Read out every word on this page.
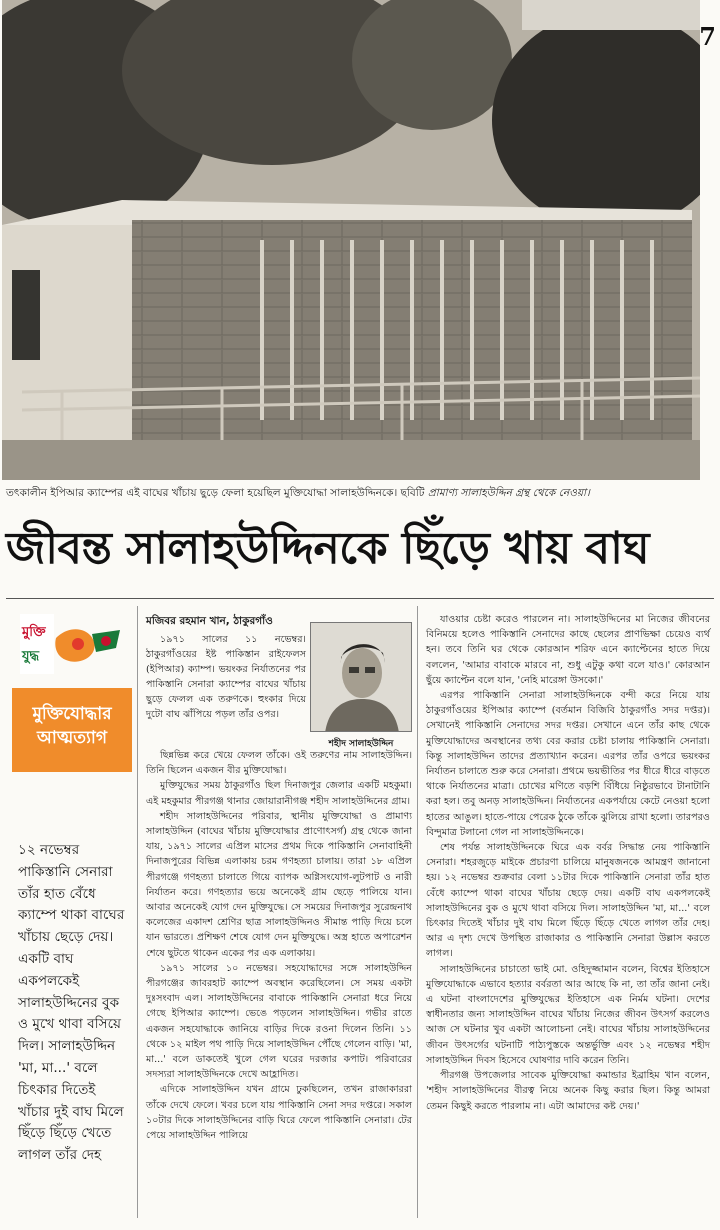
7
তৎকালীন ইপিআর ক্যাম্পের এই বাঘের খাঁচায় ছুড়ে ফেলা হয়েছিল মুক্তিযোদ্ধা সালাহউদ্দিনকে। ছবিটি প্রামাণ্য সালাহউদ্দিন গ্রন্থ থেকে নেওয়া।
জীবন্ত সালাহউদ্দিনকে ছিঁড়ে খায় বাঘ
মুক্তি
যুদ্ধ
মুক্তিযোদ্ধার
আত্মত্যাগ

১২ নভেম্বর পাকিস্তানি সেনারা তাঁর হাত বেঁধে ক্যাম্পে থাকা বাঘের খাঁচায় ছেড়ে দেয়। একটি বাঘ একপলকেই সালাহউদ্দিনের বুক ও মুখে থাবা বসিয়ে দিল। সালাহউদ্দিন 'মা, মা...' বলে চিৎকার দিতেই খাঁচার দুই বাঘ মিলে ছিঁড়ে ছিঁড়ে খেতে লাগল তাঁর দেহ

মজিবর রহমান খান, ঠাকুরগাঁও
শহীদ সালাহউদ্দিন

১৯৭১ সালের ১১ নভেম্বর। ঠাকুরগাঁওয়ের ইষ্ট পাকিস্তান রাইফেলস (ইপিআর) ক্যাম্প। ভয়ংকর নির্যাতনের পর পাকিস্তানি সেনারা ক্যাম্পের বাঘের খাঁচায় ছুড়ে ফেলল এক তরুণকে। হুংকার দিয়ে দুটো বাঘ ঝাঁপিয়ে পড়ল তাঁর ওপর।

ছিন্নভিন্ন করে খেয়ে ফেলল তাঁকে। ওই তরুণের নাম সালাহউদ্দিন। তিনি ছিলেন একজন বীর মুক্তিযোদ্ধা।

মুক্তিযুদ্ধের সময় ঠাকুরগাঁও ছিল দিনাজপুর জেলার একটি মহকুমা। এই মহকুমার পীরগঞ্জ থানার জোয়ারানীগঞ্জ শহীদ সালাহউদ্দিনের গ্রাম।

শহীদ সালাহউদ্দিনের পরিবার, স্থানীয় মুক্তিযোদ্ধা ও প্রামাণ্য সালাহউদ্দিন (বাঘের খাঁচায় মুক্তিযোদ্ধার প্রাণোৎসর্গ) গ্রন্থ থেকে জানা যায়, ১৯৭১ সালের এপ্রিল মাসের প্রথম দিকে পাকিস্তানি সেনাবাহিনী দিনাজপুরের বিভিন্ন এলাকায় চরম গণহত্যা চালায়। তারা ১৮ এপ্রিল পীরগঞ্জে গণহত্যা চালাতে গিয়ে ব্যাপক অগ্নিসংযোগ-লুটপাট ও নারী নির্যাতন করে। গণহত্যার ভয়ে অনেকেই গ্রাম ছেড়ে পালিয়ে যান। আবার অনেকেই যোগ দেন মুক্তিযুদ্ধে। সে সময়ের দিনাজপুর সুরেন্দ্রনাথ কলেজের একাদশ শ্রেণির ছাত্র সালাহউদ্দিনও সীমান্ত পাড়ি দিয়ে চলে যান ভারতে। প্রশিক্ষণ শেষে যোগ দেন মুক্তিযুদ্ধে। অস্ত্র হাতে অপারেশন শেষে ছুটতে থাকেন একের পর এক এলাকায়।

১৯৭১ সালের ১০ নভেম্বর। সহযোদ্ধাদের সঙ্গে সালাহউদ্দিন পীরগঞ্জের জাবরহাট ক্যাম্পে অবস্থান করেছিলেন। সে সময় একটা দুঃসংবাদ এল। সালাহউদ্দিনের বাবাকে পাকিস্তানি সেনারা ধরে নিয়ে গেছে ইপিআর ক্যাম্পে। ভেঙে পড়লেন সালাহউদ্দিন। গভীর রাতে একজন সহযোদ্ধাকে জানিয়ে বাড়ির দিকে রওনা দিলেন তিনি। ১১ থেকে ১২ মাইল পথ পাড়ি দিয়ে সালাহউদ্দিন পৌঁছে গেলেন বাড়ি। 'মা, মা...' বলে ডাকতেই খুলে গেল ঘরের দরজার কপাট। পরিবারের সদস্যরা সালাহউদ্দিনকে দেখে আহ্লাদিত।

এদিকে সালাহউদ্দিন যখন গ্রামে ঢুকছিলেন, তখন রাজাকাররা তাঁকে দেখে ফেলে। খবর চলে যায় পাকিস্তানি সেনা সদর দপ্তরে। সকাল ১০টার দিকে সালাহউদ্দিনের বাড়ি ঘিরে ফেলে পাকিস্তানি সেনারা। টের পেয়ে সালাহউদ্দিন পালিয়ে

যাওয়ার চেষ্টা করেও পারলেন না। সালাহউদ্দিনের মা নিজের জীবনের বিনিময়ে হলেও পাকিস্তানি সেনাদের কাছে ছেলের প্রাণভিক্ষা চেয়েও ব্যর্থ হন। তবে তিনি ঘর থেকে কোরআন শরিফ এনে ক্যাপ্টেনের হাতে দিয়ে বললেন, 'আমার বাবাকে মারবে না, শুধু এটুকু কথা বলে যাও।' কোরআন ছুঁয়ে ক্যাপ্টেন বলে যান, 'নেহি মারেঙ্গা উসকো।'

এরপর পাকিস্তানি সেনারা সালাহউদ্দিনকে বন্দী করে নিয়ে যায় ঠাকুরগাঁওয়ের ইপিআর ক্যাম্পে (বর্তমান বিজিবি ঠাকুরগাঁও সদর দপ্তর)। সেখানেই পাকিস্তানি সেনাদের সদর দপ্তর। সেখানে এনে তাঁর কাছ থেকে মুক্তিযোদ্ধাদের অবস্থানের তথ্য বের করার চেষ্টা চালায় পাকিস্তানি সেনারা। কিন্তু সালাহউদ্দিন তাদের প্রত্যাখ্যান করেন। এরপর তাঁর ওপরে ভয়ংকর নির্যাতন চালাতে শুরু করে সেনারা। প্রথমে ভয়ভীতির পর ধীরে ধীরে বাড়তে থাকে নির্যাতনের মাত্রা। চোখের মণিতে বড়শি বিঁধিয়ে নিষ্ঠুরভাবে টানাটানি করা হল। তবু অনড় সালাহউদ্দিন। নির্যাতনের একপর্যায়ে কেটে নেওয়া হলো হাতের আঙুল। হাতে-পায়ে পেরেক ঠুকে তাঁকে ঝুলিয়ে রাখা হলো। তারপরও বিন্দুমাত্র টলানো গেল না সালাহউদ্দিনকে।

শেষ পর্যন্ত সালাহউদ্দিনকে ঘিরে এক বর্বর সিদ্ধান্ত নেয় পাকিস্তানি সেনারা। শহরজুড়ে মাইকে প্রচারণা চালিয়ে মানুষজনকে আমন্ত্রণ জানানো হয়। ১২ নভেম্বর শুক্রবার বেলা ১১টার দিকে পাকিস্তানি সেনারা তাঁর হাত বেঁধে ক্যাম্পে থাকা বাঘের খাঁচায় ছেড়ে দেয়। একটি বাঘ একপলকেই সালাহউদ্দিনের বুক ও মুখে থাবা বসিয়ে দিল। সালাহউদ্দিন 'মা, মা...' বলে চিৎকার দিতেই খাঁচার দুই বাঘ মিলে ছিঁড়ে ছিঁড়ে খেতে লাগল তাঁর দেহ। আর এ দৃশ্য দেখে উপস্থিত রাজাকার ও পাকিস্তানি সেনারা উল্লাস করতে লাগল।

সালাহউদ্দিনের চাচাতো ভাই মো. ওহিদুজ্জামান বলেন, বিশ্বের ইতিহাসে মুক্তিযোদ্ধাকে এভাবে হত্যার বর্বরতা আর আছে কি না, তা তাঁর জানা নেই। এ ঘটনা বাংলাদেশের মুক্তিযুদ্ধের ইতিহাসে এক নির্মম ঘটনা। দেশের স্বাধীনতার জন্য সালাহউদ্দিন বাঘের খাঁচায় নিজের জীবন উৎসর্গ করলেও আজ সে ঘটনার খুব একটা আলোচনা নেই। বাঘের খাঁচায় সালাহউদ্দিনের জীবন উৎসর্গের ঘটনাটি পাঠ্যপুস্তকে অন্তর্ভুক্তি এবং ১২ নভেম্বর শহীদ সালাহউদ্দিন দিবস হিসেবে ঘোষণার দাবি করেন তিনি।

পীরগঞ্জ উপজেলার সাবেক মুক্তিযোদ্ধা কমান্ডার ইব্রাহিম খান বলেন, 'শহীদ সালাহউদ্দিনের বীরত্ব নিয়ে অনেক কিছু করার ছিল। কিন্তু আমরা তেমন কিছুই করতে পারলাম না। এটা আমাদের কষ্ট দেয়।'
